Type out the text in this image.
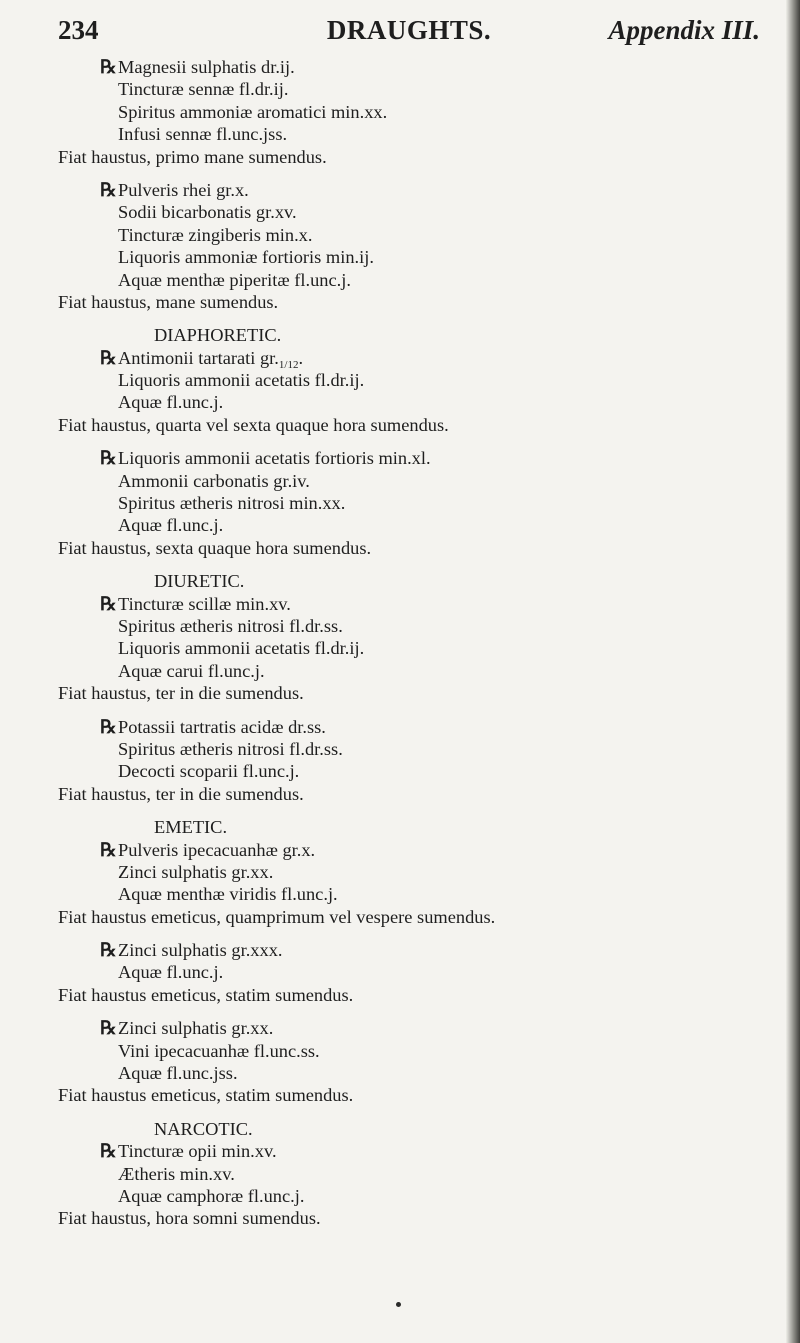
234	DRAUGHTS.	Appendix III.
℞Magnesii sulphatis dr.ij.
Tincturæ sennæ fl.dr.ij.
Spiritus ammoniæ aromatici min.xx.
Infusi sennæ fl.unc.jss.
Fiat haustus, primo mane sumendus.
℞Pulveris rhei gr.x.
Sodii bicarbonatis gr.xv.
Tincturæ zingiberis min.x.
Liquoris ammoniæ fortioris min.ij.
Aquæ menthæ piperitæ fl.unc.j.
Fiat haustus, mane sumendus.
DIAPHORETIC.
℞Antimonii tartarati $gr._{1/12}$.
Liquoris ammonii acetatis fl.dr.ij.
Aquæ fl.unc.j.
Fiat haustus, quarta vel sexta quaque hora sumendus.
℞Liquoris ammonii acetatis fortioris min.xl.
Ammonii carbonatis gr.iv.
Spiritus ætheris nitrosi min.xx.
Aquæ fl.unc.j.
Fiat haustus, sexta quaque hora sumendus.
DIURETIC.
℞Tincturæ scillæ min.xv.
Spiritus ætheris nitrosi fl.dr.ss.
Liquoris ammonii acetatis fl.dr.ij.
Aquæ carui fl.unc.j.
Fiat haustus, ter in die sumendus.
℞Potassii tartratis acidæ dr.ss.
Spiritus ætheris nitrosi fl.dr.ss.
Decocti scoparii fl.unc.j.
Fiat haustus, ter in die sumendus.
EMETIC.
℞Pulveris ipecacuanhæ gr.x.
Zinci sulphatis gr.xx.
Aquæ menthæ viridis fl.unc.j.
Fiat haustus emeticus, quamprimum vel vespere sumendus.
℞Zinci sulphatis gr.xxx.
Aquæ fl.unc.j.
Fiat haustus emeticus, statim sumendus.
℞Zinci sulphatis gr.xx.
Vini ipecacuanhæ fl.unc.ss.
Aquæ fl.unc.jss.
Fiat haustus emeticus, statim sumendus.
NARCOTIC.
℞Tincturæ opii min.xv.
Ætheris min.xv.
Aquæ camphoræ fl.unc.j.
Fiat haustus, hora somni sumendus.
